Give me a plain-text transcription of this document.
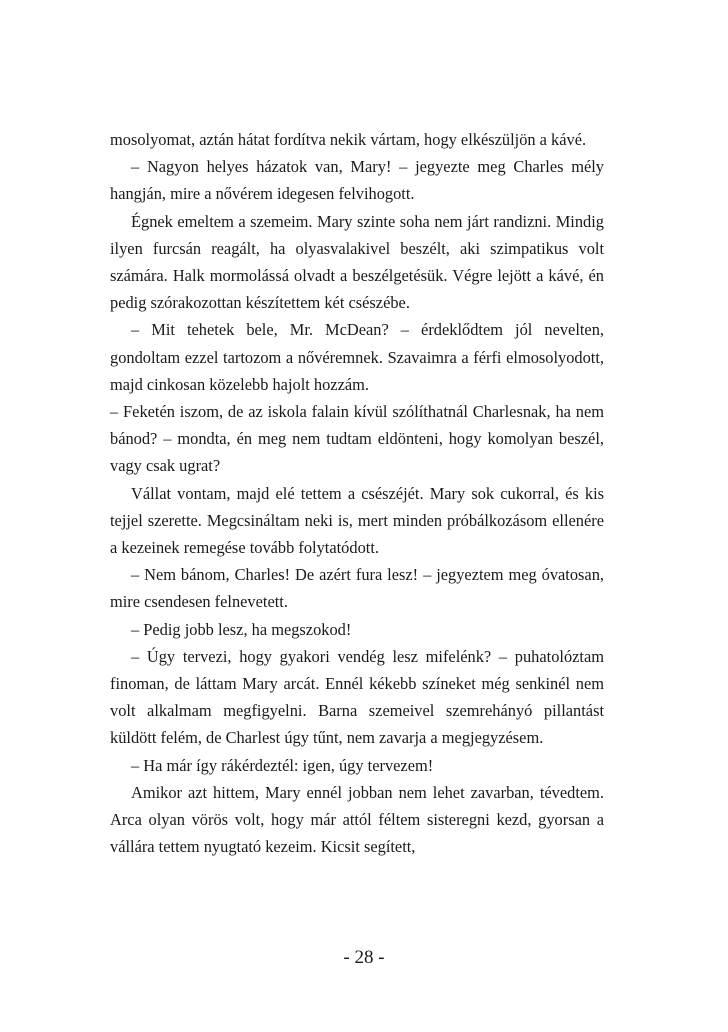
mosolyomat, aztán hátat fordítva nekik vártam, hogy elkészüljön a kávé.

– Nagyon helyes házatok van, Mary! – jegyezte meg Charles mély hangján, mire a nővérem idegesen felvihogott.

Égnek emeltem a szemeim. Mary szinte soha nem járt randizni. Mindig ilyen furcsán reagált, ha olyasvalakivel beszélt, aki szimpatikus volt számára. Halk mormolássá olvadt a beszélgetésük. Végre lejött a kávé, én pedig szórakozottan készítettem két csészébe.

– Mit tehetek bele, Mr. McDean? – érdeklődtem jól nevelten, gondoltam ezzel tartozom a nővéremnek. Szavaimra a férfi elmosolyodott, majd cinkosan közelebb hajolt hozzám.

– Feketén iszom, de az iskola falain kívül szólíthatnál Charlesnak, ha nem bánod? – mondta, én meg nem tudtam eldönteni, hogy komolyan beszél, vagy csak ugrat?

Vállat vontam, majd elé tettem a csészéjét. Mary sok cukorral, és kis tejjel szerette. Megcsináltam neki is, mert minden próbálkozásom ellenére a kezeinek remegése tovább folytatódott.

– Nem bánom, Charles! De azért fura lesz! – jegyeztem meg óvatosan, mire csendesen felnevetett.

– Pedig jobb lesz, ha megszokod!

– Úgy tervezi, hogy gyakori vendég lesz mifelénk? – puhatolóztam finoman, de láttam Mary arcát. Ennél kékebb színeket még senkinél nem volt alkalmam megfigyelni. Barna szemeivel szemrehányó pillantást küldött felém, de Charlest úgy tűnt, nem zavarja a megjegyzésem.

– Ha már így rákérdeztél: igen, úgy tervezem!

Amikor azt hittem, Mary ennél jobban nem lehet zavarban, tévedtem. Arca olyan vörös volt, hogy már attól féltem sisteregni kezd, gyorsan a vállára tettem nyugtató kezeim. Kicsit segített,

- 28 -
